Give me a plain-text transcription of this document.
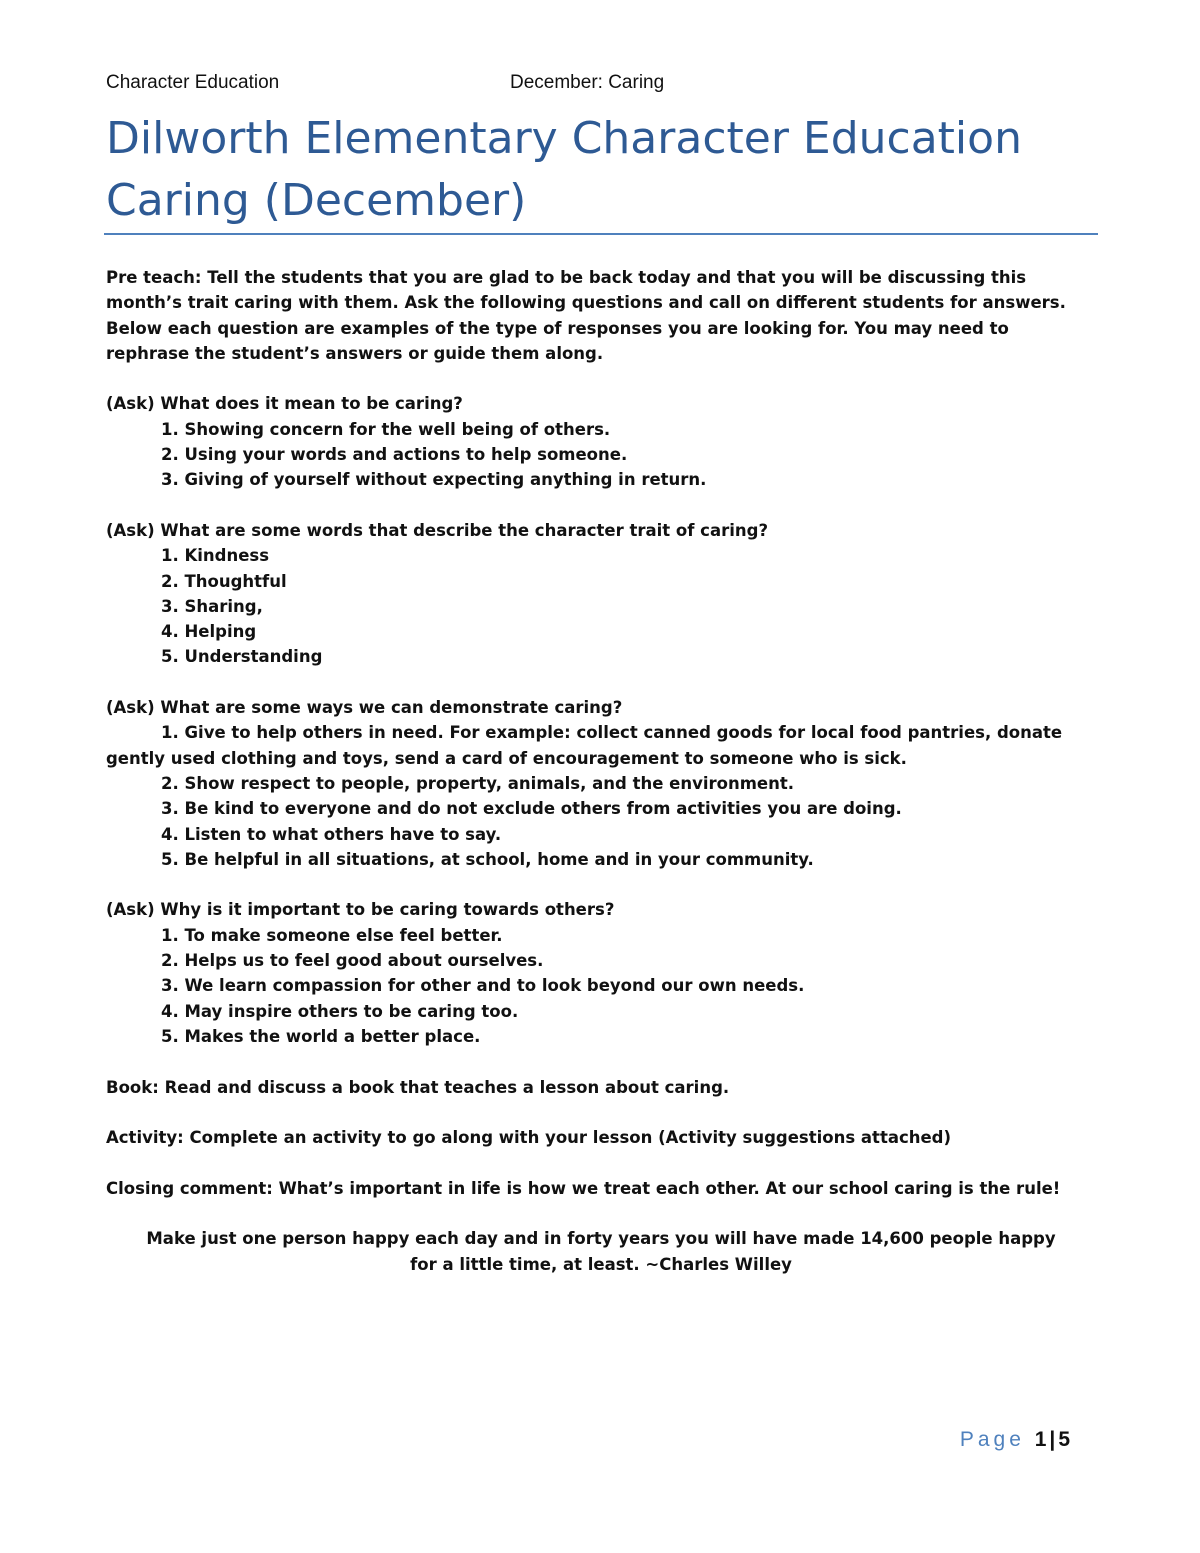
Character Education	December: Caring
Dilworth Elementary Character Education
Caring (December)

Pre teach: Tell the students that you are glad to be back today and that you will be discussing this month’s trait caring with them. Ask the following questions and call on different students for answers. Below each question are examples of the type of responses you are looking for. You may need to rephrase the student’s answers or guide them along.

(Ask) What does it mean to be caring?

1. Showing concern for the well being of others.
2. Using your words and actions to help someone.
3. Giving of yourself without expecting anything in return.

(Ask) What are some words that describe the character trait of caring?

1. Kindness
2. Thoughtful
3. Sharing,
4. Helping
5. Understanding

(Ask) What are some ways we can demonstrate caring?

1. Give to help others in need. For example: collect canned goods for local food pantries, donate gently used clothing and toys, send a card of encouragement to someone who is sick.
2. Show respect to people, property, animals, and the environment.
3. Be kind to everyone and do not exclude others from activities you are doing.
4. Listen to what others have to say.
5. Be helpful in all situations, at school, home and in your community.

(Ask) Why is it important to be caring towards others?

1. To make someone else feel better.
2. Helps us to feel good about ourselves.
3. We learn compassion for other and to look beyond our own needs.
4. May inspire others to be caring too.
5. Makes the world a better place.

Book: Read and discuss a book that teaches a lesson about caring.

Activity: Complete an activity to go along with your lesson (Activity suggestions attached)

Closing comment: What’s important in life is how we treat each other. At our school caring is the rule!

Make just one person happy each day and in forty years you will have made 14,600 people happy
for a little time, at least. ~Charles Willey
Page 1 | 5
